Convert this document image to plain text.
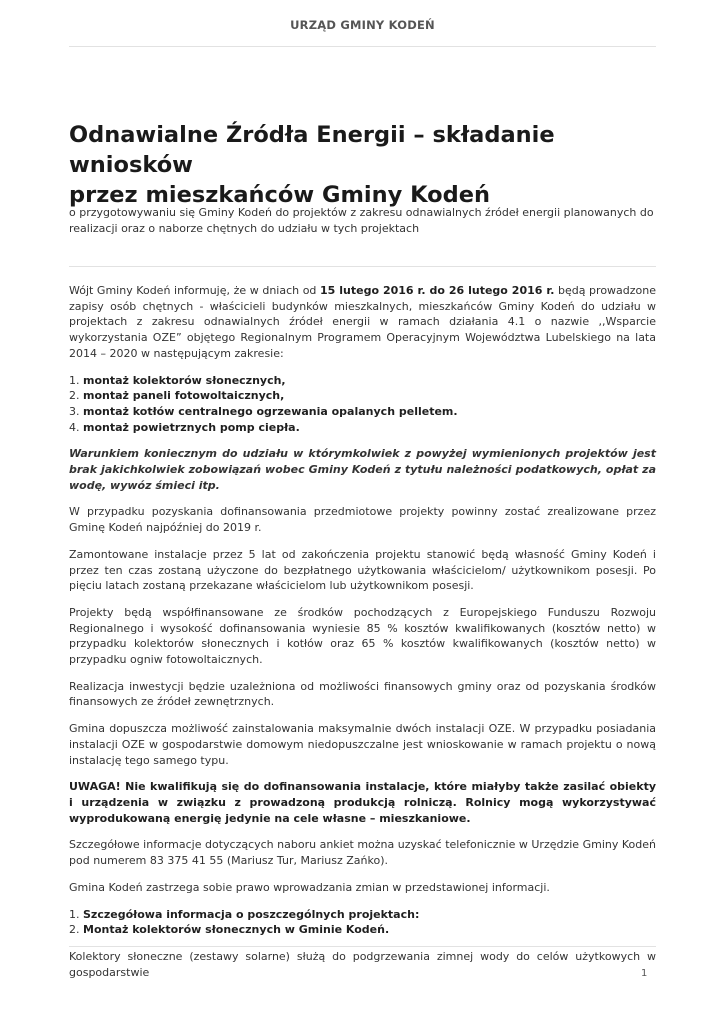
URZĄD GMINY KODEŃ
Odnawialne Źródła Energii – składanie wniosków
przez mieszkańców Gminy Kodeń

o przygotowywaniu się Gminy Kodeń do projektów z zakresu odnawialnych źródeł energii planowanych do realizacji oraz o naborze chętnych do udziału w tych projektach

Wójt Gminy Kodeń informuję, że w dniach od 15 lutego 2016 r. do 26 lutego 2016 r. będą prowadzone zapisy osób chętnych - właścicieli budynków mieszkalnych, mieszkańców Gminy Kodeń do udziału w projektach z zakresu odnawialnych źródeł energii w ramach działania 4.1 o nazwie ,,Wsparcie wykorzystania OZE” objętego Regionalnym Programem Operacyjnym Województwa Lubelskiego na lata 2014 – 2020 w następującym zakresie:

1. montaż kolektorów słonecznych,
2. montaż paneli fotowoltaicznych,
3. montaż kotłów centralnego ogrzewania opalanych pelletem.
4. montaż powietrznych pomp ciepła.

Warunkiem koniecznym do udziału w którymkolwiek z powyżej wymienionych projektów jest brak jakichkolwiek zobowiązań wobec Gminy Kodeń z tytułu należności podatkowych, opłat za wodę, wywóz śmieci itp.

W przypadku pozyskania dofinansowania przedmiotowe projekty powinny zostać zrealizowane przez Gminę Kodeń najpóźniej do 2019 r.

Zamontowane instalacje przez 5 lat od zakończenia projektu stanowić będą własność Gminy Kodeń i przez ten czas zostaną użyczone do bezpłatnego użytkowania właścicielom/ użytkownikom posesji. Po pięciu latach zostaną przekazane właścicielom lub użytkownikom posesji.

Projekty będą współfinansowane ze środków pochodzących z Europejskiego Funduszu Rozwoju Regionalnego i wysokość dofinansowania wyniesie 85 % kosztów kwalifikowanych (kosztów netto) w przypadku kolektorów słonecznych i kotłów oraz 65 % kosztów kwalifikowanych (kosztów netto) w przypadku ogniw fotowoltaicznych.

Realizacja inwestycji będzie uzależniona od możliwości finansowych gminy oraz od pozyskania środków finansowych ze źródeł zewnętrznych.

Gmina dopuszcza możliwość zainstalowania maksymalnie dwóch instalacji OZE. W przypadku posiadania instalacji OZE w gospodarstwie domowym niedopuszczalne jest wnioskowanie w ramach projektu o nową instalację tego samego typu.

UWAGA! Nie kwalifikują się do dofinansowania instalacje, które miałyby także zasilać obiekty i urządzenia w związku z prowadzoną produkcją rolniczą. Rolnicy mogą wykorzystywać wyprodukowaną energię jedynie na cele własne – mieszkaniowe.

Szczegółowe informacje dotyczących naboru ankiet można uzyskać telefonicznie w Urzędzie Gminy Kodeń pod numerem 83 375 41 55 (Mariusz Tur, Mariusz Zańko).

Gmina Kodeń zastrzega sobie prawo wprowadzania zmian w przedstawionej informacji.

1. Szczegółowa informacja o poszczególnych projektach:
2. Montaż kolektorów słonecznych w Gminie Kodeń.

Kolektory słoneczne (zestawy solarne) służą do podgrzewania zimnej wody do celów użytkowych w gospodarstwie	1
